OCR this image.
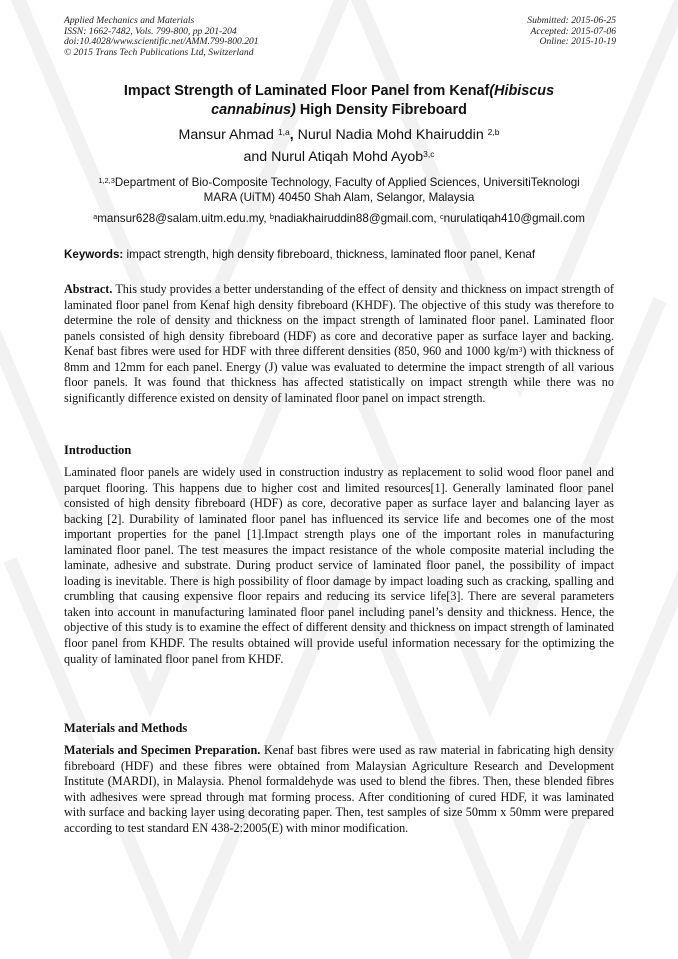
Applied Mechanics and Materials
ISSN: 1662-7482, Vols. 799-800, pp 201-204
doi:10.4028/www.scientific.net/AMM.799-800.201
© 2015 Trans Tech Publications Ltd, Switzerland
Submitted: 2015-06-25
Accepted: 2015-07-06
Online: 2015-10-19
Impact Strength of Laminated Floor Panel from Kenaf(Hibiscus
cannabinus) High Density Fibreboard
Mansur Ahmad $^{1,a}$, Nurul Nadia Mohd Khairuddin $^{2,b}$
and Nurul Atiqah Mohd Ayob$^{3,c}$
$^{1,2,3}$Department of Bio-Composite Technology, Faculty of Applied Sciences, UniversitiTeknologi
MARA (UiTM) 40450 Shah Alam, Selangor, Malaysia
$^a$mansur628@salam.uitm.edu.my, $^b$nadiakhairuddin88@gmail.com, $^c$nurulatiqah410@gmail.com
Keywords: impact strength, high density fibreboard, thickness, laminated floor panel, Kenaf
Abstract. This study provides a better understanding of the effect of density and thickness on impact strength of laminated floor panel from Kenaf high density fibreboard (KHDF). The objective of this study was therefore to determine the role of density and thickness on the impact strength of laminated floor panel. Laminated floor panels consisted of high density fibreboard (HDF) as core and decorative paper as surface layer and backing. Kenaf bast fibres were used for HDF with three different densities (850, 960 and 1000 $kg/m^3$) with thickness of 8mm and 12mm for each panel. Energy (J) value was evaluated to determine the impact strength of all various floor panels. It was found that thickness has affected statistically on impact strength while there was no significantly difference existed on density of laminated floor panel on impact strength.
Introduction
Laminated floor panels are widely used in construction industry as replacement to solid wood floor panel and parquet flooring. This happens due to higher cost and limited resources[1]. Generally laminated floor panel consisted of high density fibreboard (HDF) as core, decorative paper as surface layer and balancing layer as backing [2]. Durability of laminated floor panel has influenced its service life and becomes one of the most important properties for the panel [1].Impact strength plays one of the important roles in manufacturing laminated floor panel. The test measures the impact resistance of the whole composite material including the laminate, adhesive and substrate. During product service of laminated floor panel, the possibility of impact loading is inevitable. There is high possibility of floor damage by impact loading such as cracking, spalling and crumbling that causing expensive floor repairs and reducing its service life[3]. There are several parameters taken into account in manufacturing laminated floor panel including panel’s density and thickness. Hence, the objective of this study is to examine the effect of different density and thickness on impact strength of laminated floor panel from KHDF. The results obtained will provide useful information necessary for the optimizing the quality of laminated floor panel from KHDF.
Materials and Methods
Materials and Specimen Preparation. Kenaf bast fibres were used as raw material in fabricating high density fibreboard (HDF) and these fibres were obtained from Malaysian Agriculture Research and Development Institute (MARDI), in Malaysia. Phenol formaldehyde was used to blend the fibres. Then, these blended fibres with adhesives were spread through mat forming process. After conditioning of cured HDF, it was laminated with surface and backing layer using decorating paper. Then, test samples of size 50mm x 50mm were prepared according to test standard EN 438-2:2005(E) with minor modification.
